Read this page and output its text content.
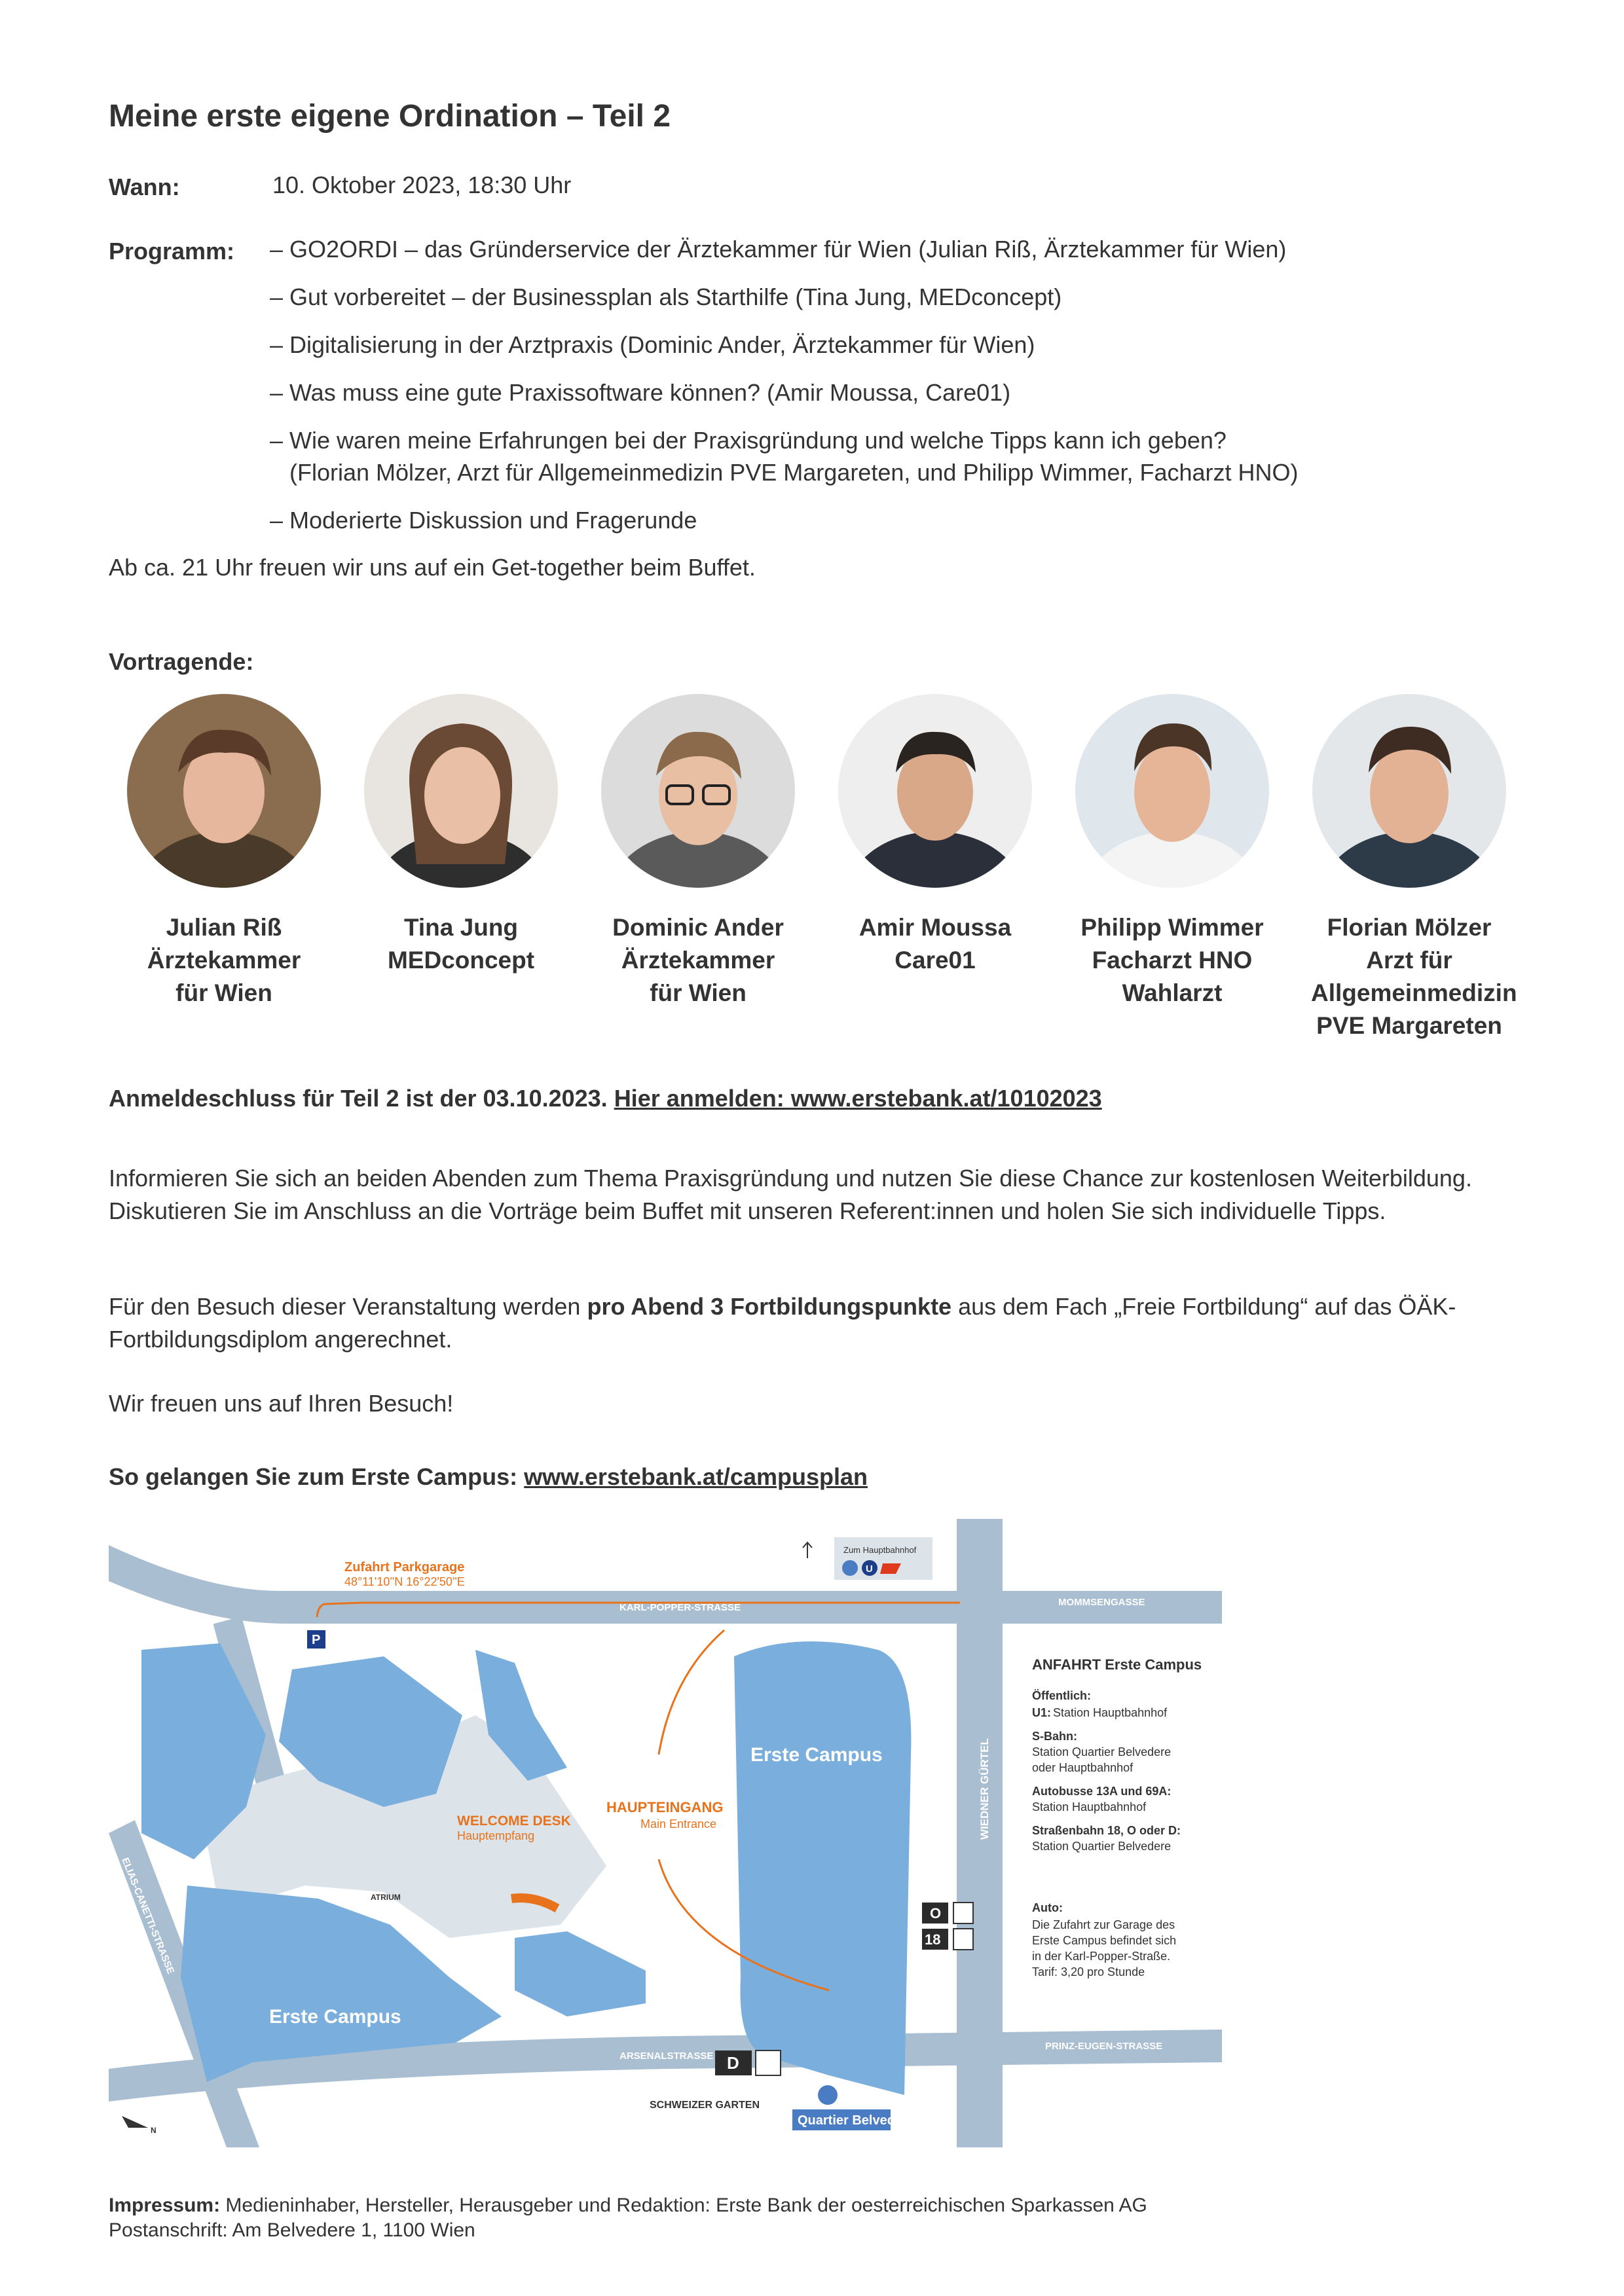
Meine erste eigene Ordination – Teil 2
Wann:	10. Oktober 2023, 18:30 Uhr
Programm: – GO2ORDI – das Gründerservice der Ärztekammer für Wien (Julian Riß, Ärztekammer für Wien)
– Gut vorbereitet – der Businessplan als Starthilfe (Tina Jung, MEDconcept)
– Digitalisierung in der Arztpraxis (Dominic Ander, Ärztekammer für Wien)
– Was muss eine gute Praxissoftware können? (Amir Moussa, Care01)
– Wie waren meine Erfahrungen bei der Praxisgründung und welche Tipps kann ich geben?
(Florian Mölzer, Arzt für Allgemeinmedizin PVE Margareten, und Philipp Wimmer, Facharzt HNO)
– Moderierte Diskussion und Fragerunde
Ab ca. 21 Uhr freuen wir uns auf ein Get-together beim Buffet.
Vortragende:
Julian Riß
Ärztekammer
für Wien
Tina Jung
MEDconcept
Dominic Ander
Ärztekammer
für Wien
Amir Moussa
Care01
Philipp Wimmer
Facharzt HNO
Wahlarzt
Florian Mölzer
Arzt für
Allgemeinmedizin
PVE Margareten
Anmeldeschluss für Teil 2 ist der 03.10.2023. Hier anmelden: www.erstebank.at/10102023
Informieren Sie sich an beiden Abenden zum Thema Praxisgründung und nutzen Sie diese Chance zur kostenlosen Weiterbildung. Diskutieren Sie im Anschluss an die Vorträge beim Buffet mit unseren Referent:innen und holen Sie sich individuelle Tipps.
Für den Besuch dieser Veranstaltung werden pro Abend 3 Fortbildungspunkte aus dem Fach „Freie Fortbildung“ auf das ÖÄK-Fortbildungsdiplom angerechnet.
Wir freuen uns auf Ihren Besuch!
So gelangen Sie zum Erste Campus: www.erstebank.at/campusplan
Zufahrt Parkgarage
48°11'10''N 16°22'50''E
KARL-POPPER-STRASSE	MOMMSENGASSE
ARSENALSTRASSE
PRINZ-EUGEN-STRASSE
WIEDNER GÜRTEL
ELIAS-CANETTI-STRASSE
Erste Campus
Erste Campus
HAUPTEINGANG
Main Entrance
WELCOME DESK
Hauptempfang
ATRIUM
SCHWEIZER GARTEN
Zum Hauptbahnhof
U
P
O
18
D
Quartier Belvedere
N
ANFAHRT Erste Campus
Öffentlich:
U1: Station Hauptbahnhof
S-Bahn:
Station Quartier Belvedere
oder Hauptbahnhof
Autobusse 13A und 69A:
Station Hauptbahnhof
Straßenbahn 18, O oder D:
Station Quartier Belvedere
Auto:
Die Zufahrt zur Garage des
Erste Campus befindet sich
in der Karl-Popper-Straße.
Tarif: 3,20 pro Stunde
Impressum: Medieninhaber, Hersteller, Herausgeber und Redaktion: Erste Bank der oesterreichischen Sparkassen AG
Postanschrift: Am Belvedere 1, 1100 Wien
